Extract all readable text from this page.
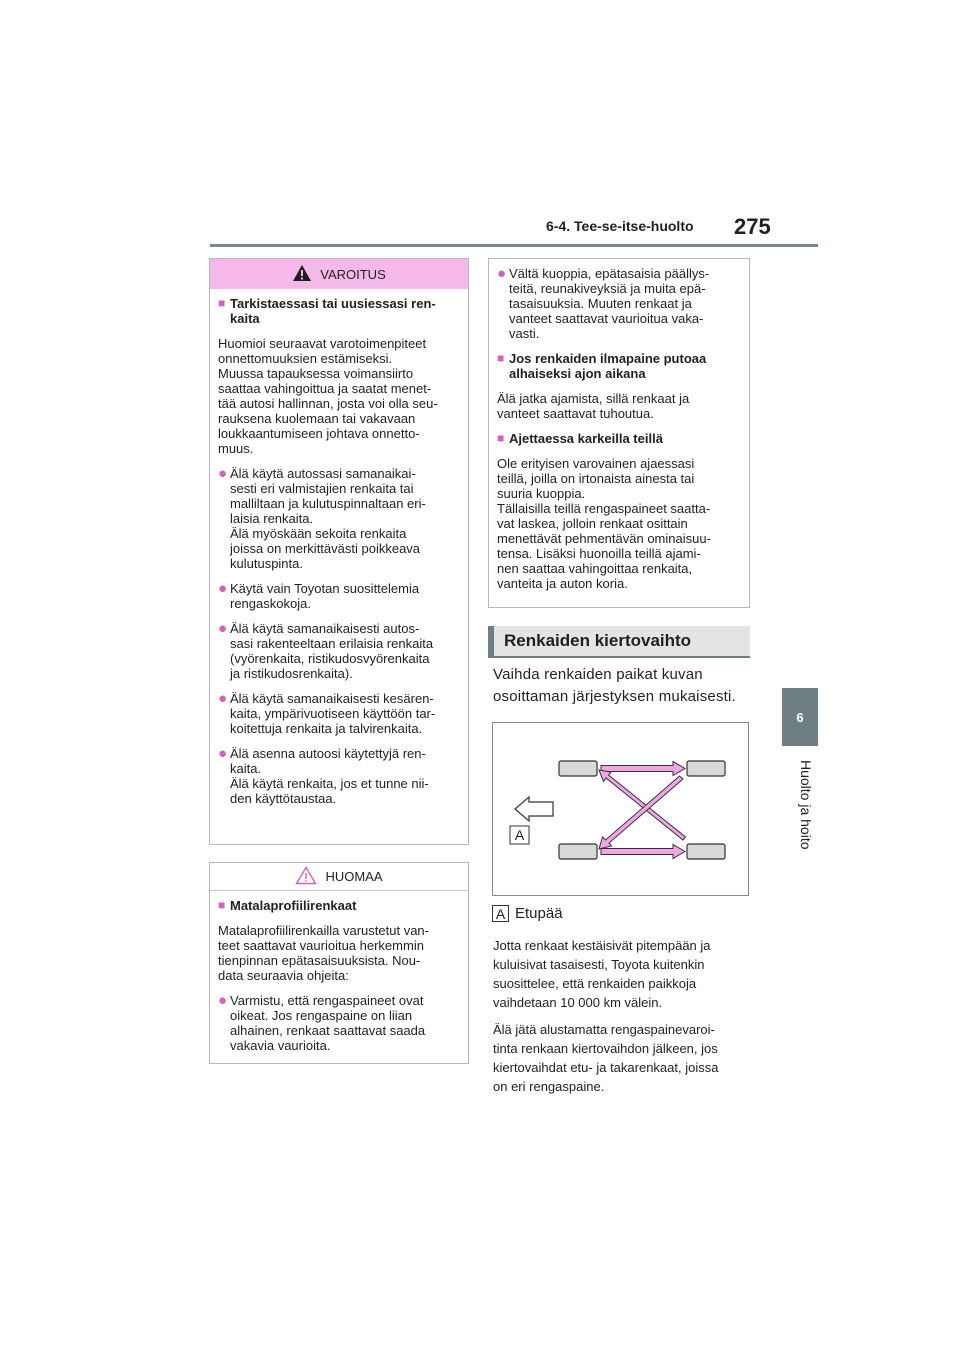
6-4. Tee-se-itse-huolto 275
6
Huolto ja hoito
VAROITUS
■ Tarkistaessasi tai uusiessasi ren-
kaita
Huomioi seuraavat varotoimenpiteet
onnettomuuksien estämiseksi.
Muussa tapauksessa voimansiirto
saattaa vahingoittua ja saatat menet-
tää autosi hallinnan, josta voi olla seu-
rauksena kuolemaan tai vakavaan
loukkaantumiseen johtava onnetto-
muus.
● Älä käytä autossasi samanaikai-
sesti eri valmistajien renkaita tai
malliltaan ja kulutuspinnaltaan eri-
laisia renkaita.
Älä myöskään sekoita renkaita
joissa on merkittävästi poikkeava
kulutuspinta.
● Käytä vain Toyotan suosittelemia
rengaskokoja.
● Älä käytä samanaikaisesti autos-
sasi rakenteeltaan erilaisia renkaita
(vyörenkaita, ristikudosvyörenkaita
ja ristikudosrenkaita).
● Älä käytä samanaikaisesti kesären-
kaita, ympärivuotiseen käyttöön tar-
koitettuja renkaita ja talvirenkaita.
● Älä asenna autoosi käytettyjä ren-
kaita.
Älä käytä renkaita, jos et tunne nii-
den käyttötaustaa.
HUOMAA
■ Matalaprofiilirenkaat
Matalaprofiilirenkailla varustetut van-
teet saattavat vaurioitua herkemmin
tienpinnan epätasaisuuksista. Nou-
data seuraavia ohjeita:
● Varmistu, että rengaspaineet ovat
oikeat. Jos rengaspaine on liian
alhainen, renkaat saattavat saada
vakavia vaurioita.
● Vältä kuoppia, epätasaisia päällys-
teitä, reunakiveyksiä ja muita epä-
tasaisuuksia. Muuten renkaat ja
vanteet saattavat vaurioitua vaka-
vasti.
■ Jos renkaiden ilmapaine putoaa
alhaiseksi ajon aikana
Älä jatka ajamista, sillä renkaat ja
vanteet saattavat tuhoutua.
■ Ajettaessa karkeilla teillä
Ole erityisen varovainen ajaessasi
teillä, joilla on irtonaista ainesta tai
suuria kuoppia.
Tällaisilla teillä rengaspaineet saatta-
vat laskea, jolloin renkaat osittain
menettävät pehmentävän ominaisuu-
tensa. Lisäksi huonoilla teillä ajami-
nen saattaa vahingoittaa renkaita,
vanteita ja auton koria.
Renkaiden kiertovaihto
Vaihda renkaiden paikat kuvan
osoittaman järjestyksen mukaisesti.
A
A Etupää
Jotta renkaat kestäisivät pitempään ja
kuluisivat tasaisesti, Toyota kuitenkin
suosittelee, että renkaiden paikkoja
vaihdetaan 10 000 km välein.
Älä jätä alustamatta rengaspainevaroi-
tinta renkaan kiertovaihdon jälkeen, jos
kiertovaihdat etu- ja takarenkaat, joissa
on eri rengaspaine.
